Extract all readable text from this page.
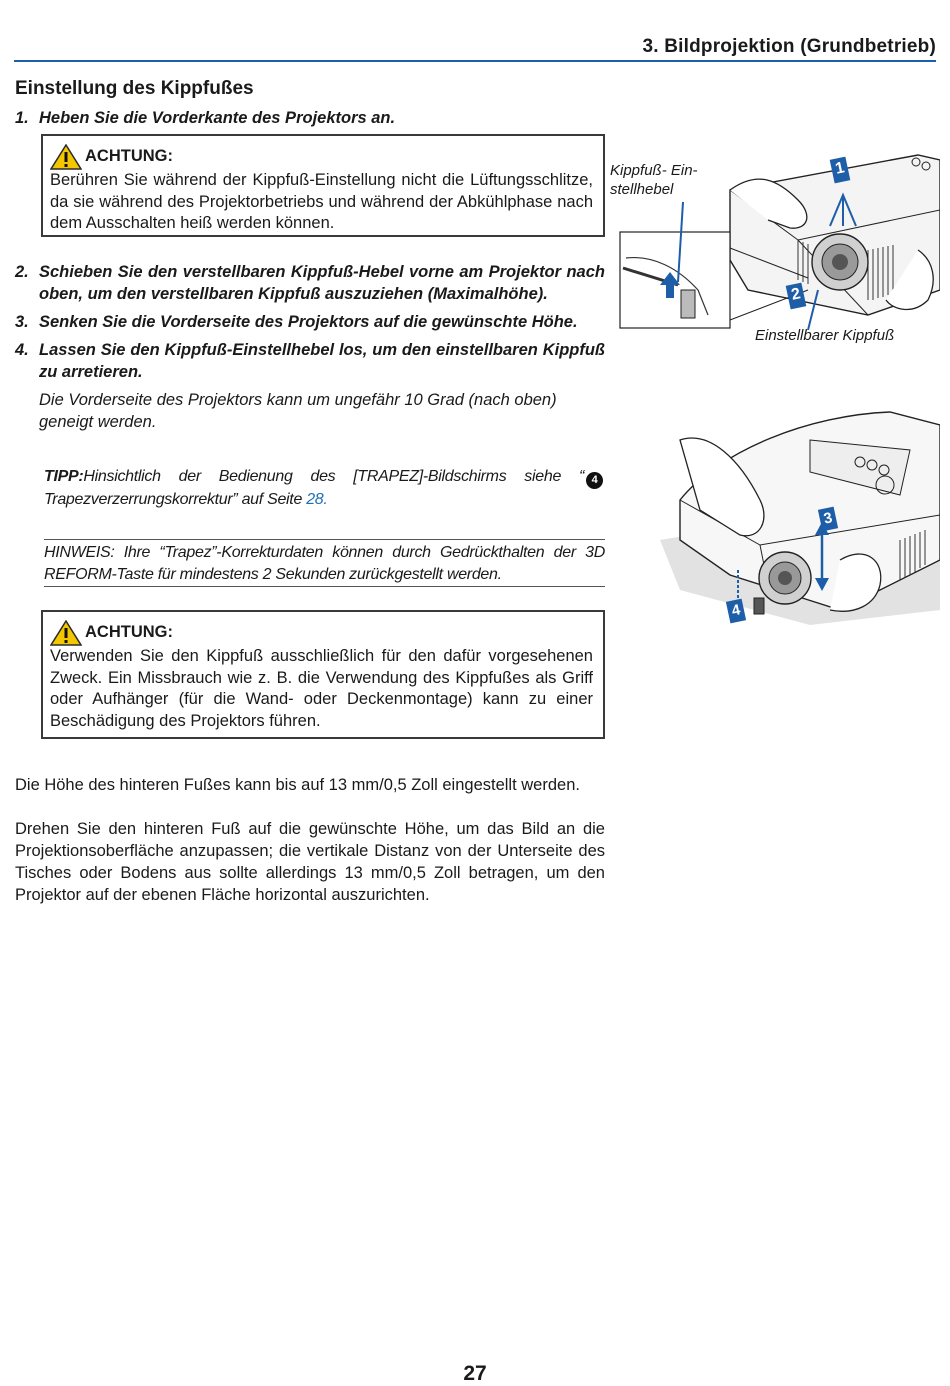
3. Bildprojektion (Grundbetrieb)
Einstellung des Kippfußes
1. Heben Sie die Vorderkante des Projektors an.
ACHTUNG:
Berühren Sie während der Kippfuß-Einstellung nicht die Lüftungsschlitze, da sie während des Projektorbetriebs und während der Abkühlphase nach dem Ausschalten heiß werden können.
2. Schieben Sie den verstellbaren Kippfuß-Hebel vorne am Projektor nach oben, um den verstellbaren Kippfuß auszuziehen (Maximalhöhe).
3. Senken Sie die Vorderseite des Projektors auf die gewünschte Höhe.
4. Lassen Sie den Kippfuß-Einstellhebel los, um den einstellbaren Kippfuß zu arretieren.
Die Vorderseite des Projektors kann um ungefähr 10 Grad (nach oben) geneigt werden.
TIPP:Hinsichtlich der Bedienung des [TRAPEZ]-Bildschirms siehe “ 4 Trapezverzerrungskorrektur” auf Seite 28.
HINWEIS: Ihre “Trapez”-Korrekturdaten können durch Gedrückthalten der 3D REFORM-Taste für mindestens 2 Sekunden zurückgestellt werden.
ACHTUNG:
Verwenden Sie den Kippfuß ausschließlich für den dafür vorgesehenen Zweck. Ein Missbrauch wie z. B. die Verwendung des Kippfußes als Griff oder Aufhänger (für die Wand- oder Deckenmontage) kann zu einer Beschädigung des Projektors führen.
Die Höhe des hinteren Fußes kann bis auf 13 mm/0,5 Zoll eingestellt werden.
Drehen Sie den hinteren Fuß auf die gewünschte Höhe, um das Bild an die Projektionsoberfläche anzupassen; die vertikale Distanz von der Unterseite des Tisches oder Bodens aus sollte allerdings 13 mm/0,5 Zoll betragen, um den Projektor auf der ebenen Fläche horizontal auszurichten.
Kippfuß- Ein-
stellhebel
Einstellbarer Kippfuß
1
2
3
4
27
